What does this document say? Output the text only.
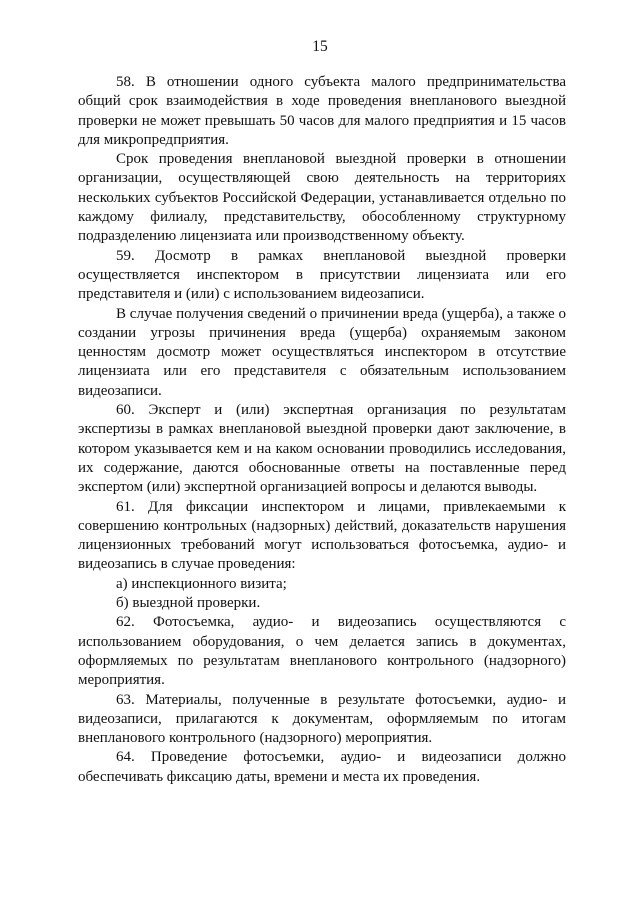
15

58. В отношении одного субъекта малого предпринимательства общий срок взаимодействия в ходе проведения внепланового выездной проверки не может превышать 50 часов для малого предприятия и 15 часов для микропредприятия.

Срок проведения внеплановой выездной проверки в отношении организации, осуществляющей свою деятельность на территориях нескольких субъектов Российской Федерации, устанавливается отдельно по каждому филиалу, представительству, обособленному структурному подразделению лицензиата или производственному объекту.

59. Досмотр в рамках внеплановой выездной проверки осуществляется инспектором в присутствии лицензиата или его представителя и (или) с использованием видеозаписи.

В случае получения сведений о причинении вреда (ущерба), а также о создании угрозы причинения вреда (ущерба) охраняемым законом ценностям досмотр может осуществляться инспектором в отсутствие лицензиата или его представителя с обязательным использованием видеозаписи.

60. Эксперт и (или) экспертная организация по результатам экспертизы в рамках внеплановой выездной проверки дают заключение, в котором указывается кем и на каком основании проводились исследования, их содержание, даются обоснованные ответы на поставленные перед экспертом (или) экспертной организацией вопросы и делаются выводы.

61. Для фиксации инспектором и лицами, привлекаемыми к совершению контрольных (надзорных) действий, доказательств нарушения лицензионных требований могут использоваться фотосъемка, аудио- и видеозапись в случае проведения:

а) инспекционного визита;

б) выездной проверки.

62. Фотосъемка, аудио- и видеозапись осуществляются с использованием оборудования, о чем делается запись в документах, оформляемых по результатам внепланового контрольного (надзорного) мероприятия.

63. Материалы, полученные в результате фотосъемки, аудио- и видеозаписи, прилагаются к документам, оформляемым по итогам внепланового контрольного (надзорного) мероприятия.

64. Проведение фотосъемки, аудио- и видеозаписи должно обеспечивать фиксацию даты, времени и места их проведения.
